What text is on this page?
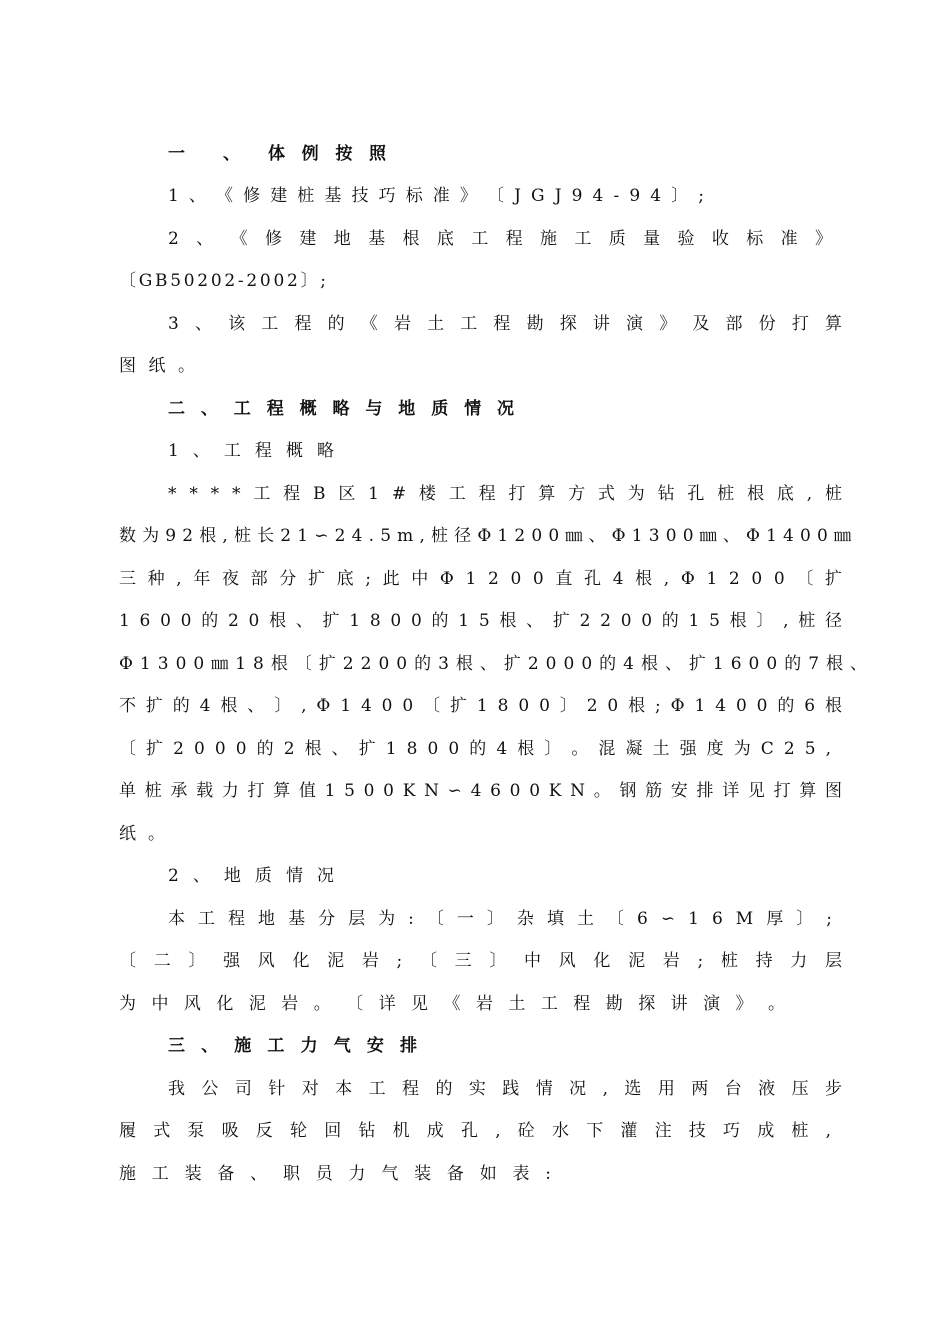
一 、 体 例 按 照
1 、 《 修 建 桩 基 技 巧 标 准 》 〔 J G J 9 4 - 9 4 〕 ;
2 、 《 修 建 地 基 根 底 工 程 施 工 质 量 验 收 标 准 》
〔 G B 5 0 2 0 2 - 2 0 0 2 〕 ;
3 、 该 工 程 的 《 岩 土 工 程 勘 探 讲 演 》 及 部 份 打 算
图 纸 。
二 、 工 程 概 略 与 地 质 情 况
1 、 工 程 概 略
* * * * 工 程 B 区 1 # 楼 工 程 打 算 方 式 为 钻 孔 桩 根 底 , 桩
数 为 9 2 根 , 桩 长 2 1 ∽ 2 4 . 5 m , 桩 径 Φ 1 2 0 0 ㎜ 、 Φ 1 3 0 0 ㎜ 、 Φ 1 4 0 0 ㎜
三 种 , 年 夜 部 分 扩 底 ; 此 中 Φ 1 2 0 0 直 孔 4 根 , Φ 1 2 0 0 〔 扩
1 6 0 0 的 2 0 根 、 扩 1 8 0 0 的 1 5 根 、 扩 2 2 0 0 的 1 5 根 〕 , 桩 径
Φ 1 3 0 0 ㎜ 1 8 根 〔 扩 2 2 0 0 的 3 根 、 扩 2 0 0 0 的 4 根 、 扩 1 6 0 0 的 7 根 、
不 扩 的 4 根 、 〕 , Φ 1 4 0 0 〔 扩 1 8 0 0 〕 2 0 根 ; Φ 1 4 0 0 的 6 根
〔 扩 2 0 0 0 的 2 根 、 扩 1 8 0 0 的 4 根 〕 。 混 凝 土 强 度 为 C 2 5 ,
单 桩 承 载 力 打 算 值 1 5 0 0 K N ∽ 4 6 0 0 K N 。 钢 筋 安 排 详 见 打 算 图
纸 。
2 、 地 质 情 况
本 工 程 地 基 分 层 为 : 〔 一 〕 杂 填 土 〔 6 ∽ 1 6 M 厚 〕 ;
〔 二 〕 强 风 化 泥 岩 ; 〔 三 〕 中 风 化 泥 岩 ; 桩 持 力 层
为 中 风 化 泥 岩 。 〔 详 见 《 岩 土 工 程 勘 探 讲 演 》 。
三 、 施 工 力 气 安 排
我 公 司 针 对 本 工 程 的 实 践 情 况 , 选 用 两 台 液 压 步
履 式 泵 吸 反 轮 回 钻 机 成 孔 , 砼 水 下 灌 注 技 巧 成 桩 ,
施 工 装 备 、 职 员 力 气 装 备 如 表 :
